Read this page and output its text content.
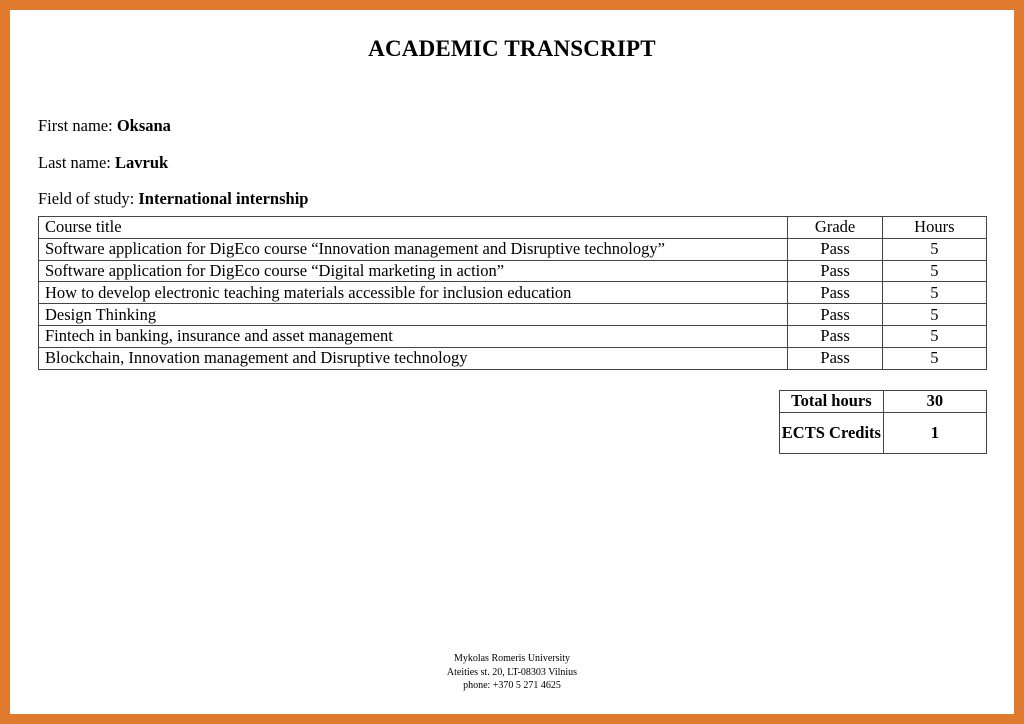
ACADEMIC TRANSCRIPT
First name: Oksana
Last name: Lavruk
Field of study: International internship
Course title	Grade	Hours
Software application for DigEco course “Innovation management and Disruptive technology”	Pass	5
Software application for DigEco course “Digital marketing in action”	Pass	5
How to develop electronic teaching materials accessible for inclusion education	Pass	5
Design Thinking	Pass	5
Fintech in banking, insurance and asset management	Pass	5
Blockchain, Innovation management and Disruptive technology	Pass	5
Total hours	30
ECTS Credits	1
Mykolas Romeris University
Ateities st. 20, LT-08303 Vilnius
phone: +370 5 271 4625
